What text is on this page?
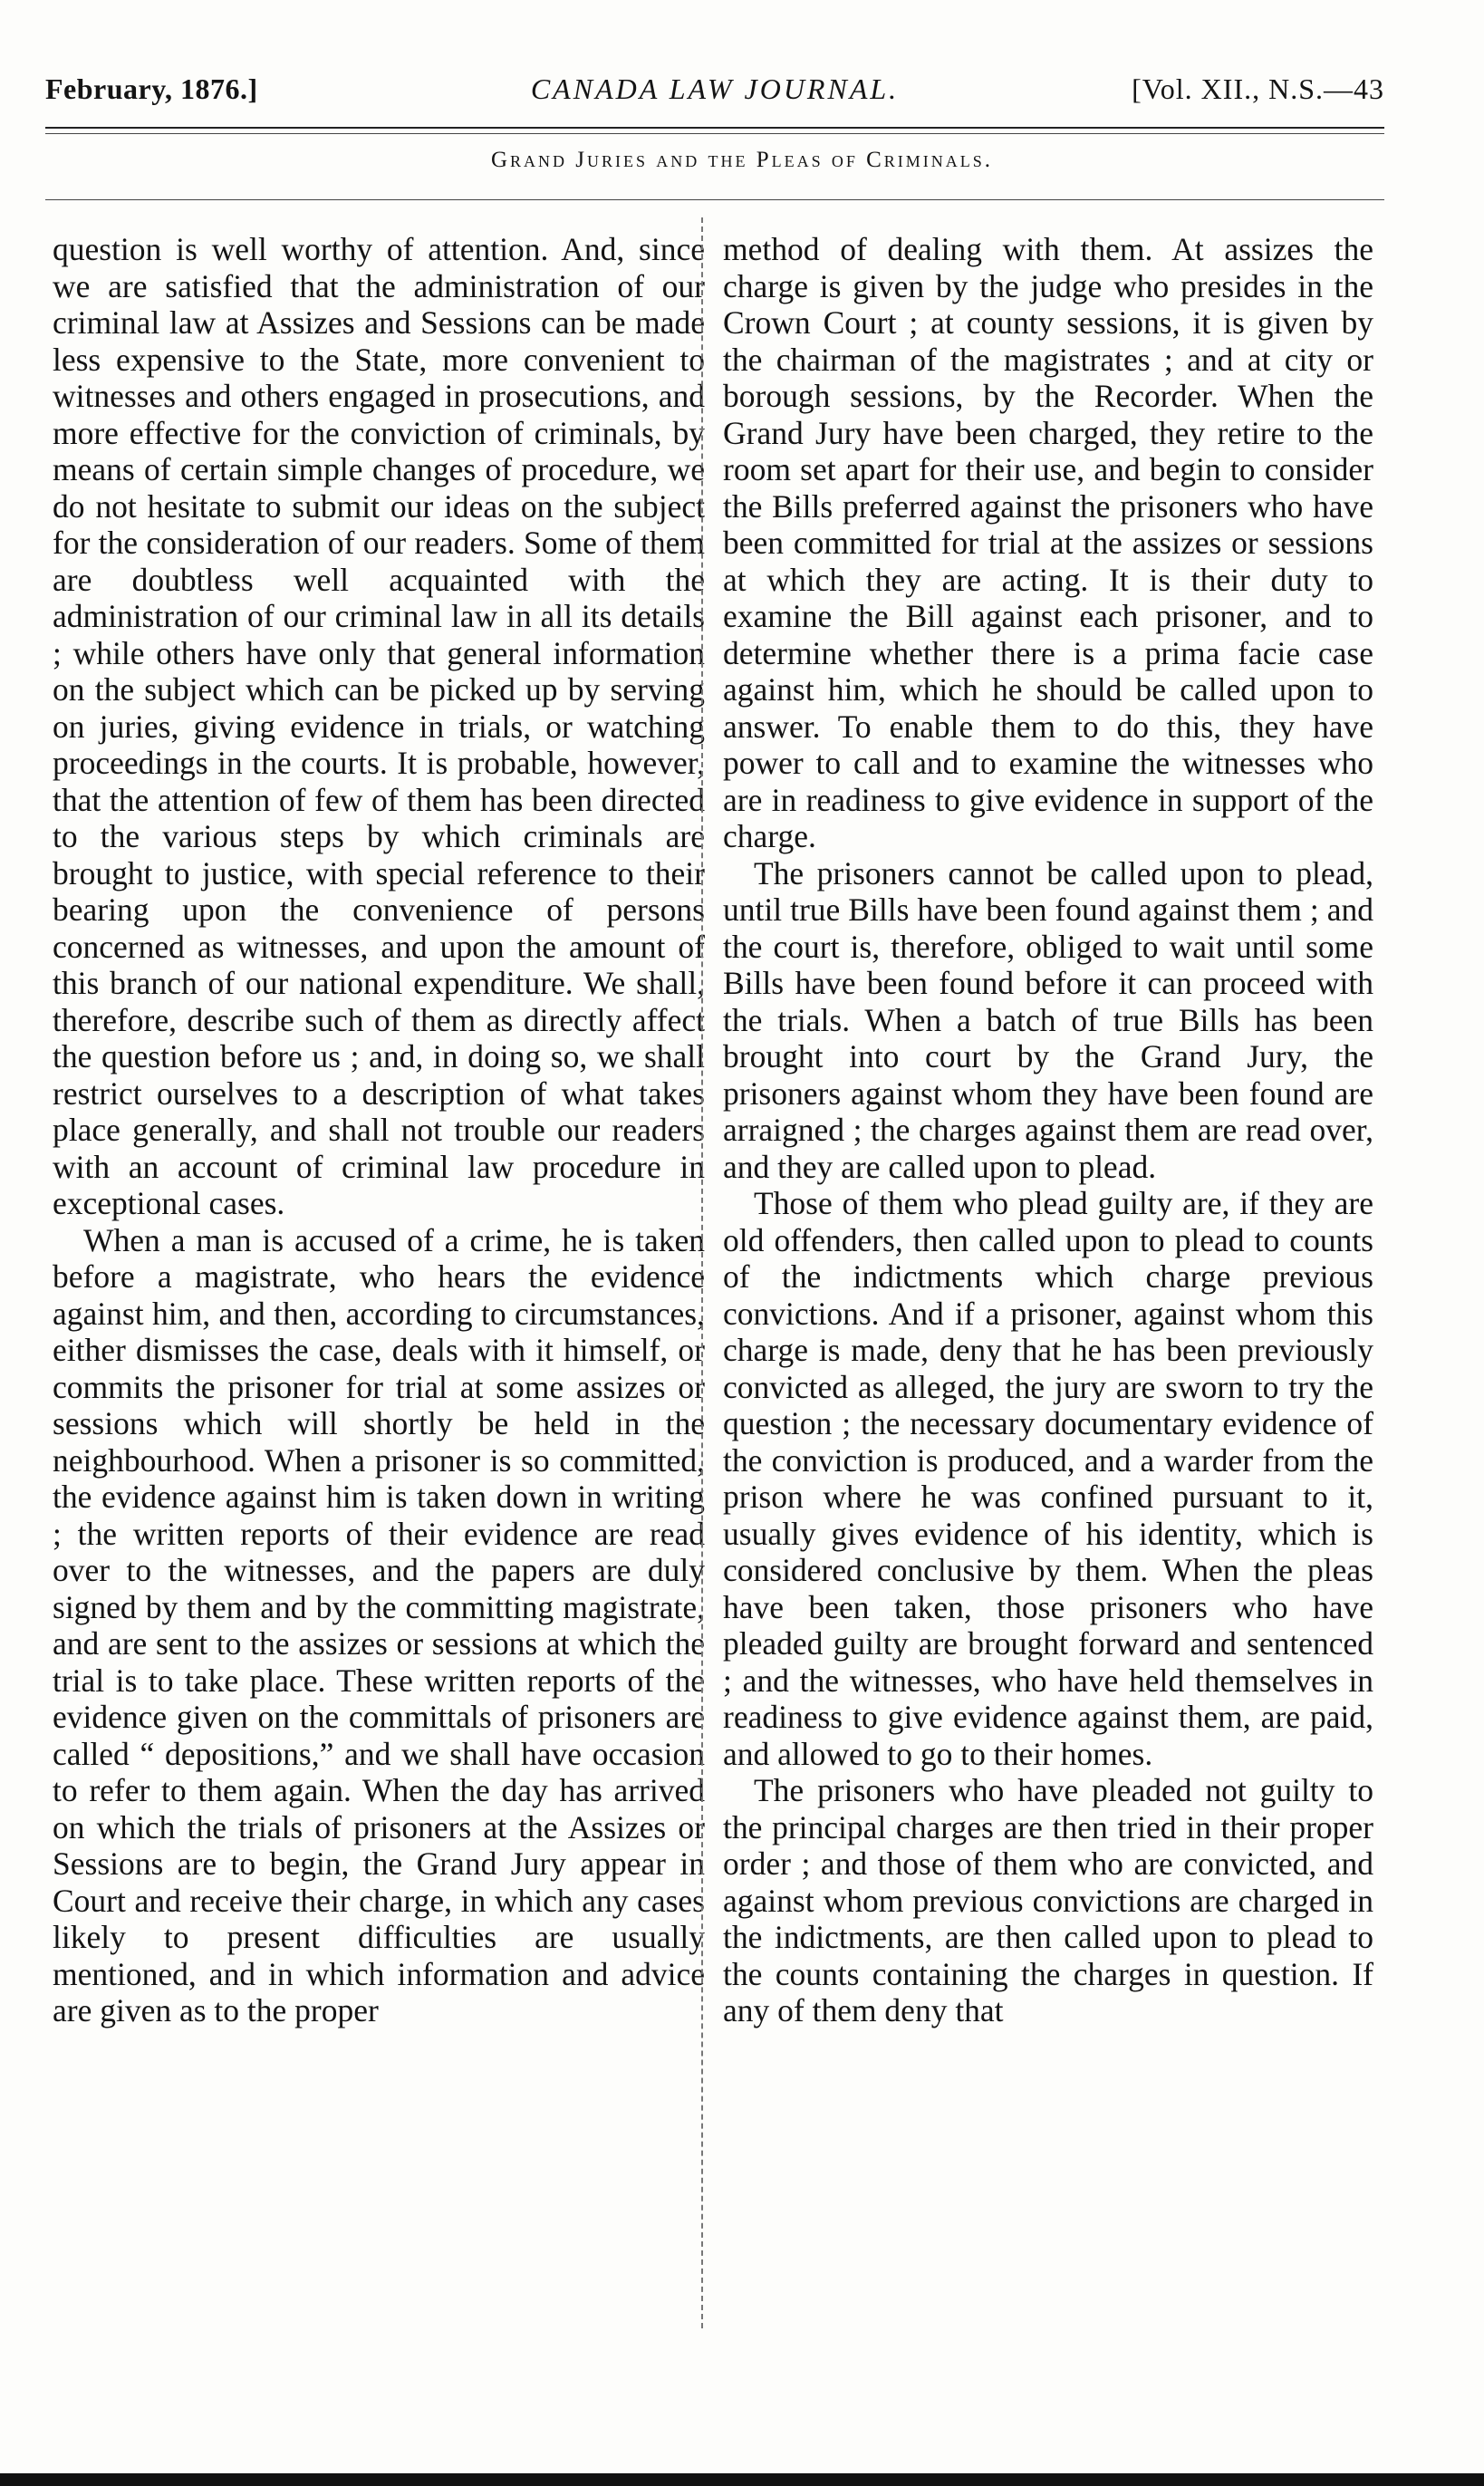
February, 1876.]	CANADA LAW JOURNAL.	[Vol. XII., N.S.—43
Grand Juries and the Pleas of Criminals.

question is well worthy of attention. And, since we are satisfied that the administration of our criminal law at Assizes and Sessions can be made less expensive to the State, more convenient to witnesses and others engaged in prosecutions, and more effective for the conviction of criminals, by means of certain simple changes of procedure, we do not hesitate to submit our ideas on the subject for the consideration of our readers. Some of them are doubtless well acquainted with the administration of our criminal law in all its details ; while others have only that general information on the subject which can be picked up by serving on juries, giving evidence in trials, or watching proceedings in the courts. It is probable, however, that the attention of few of them has been directed to the various steps by which criminals are brought to justice, with special reference to their bearing upon the convenience of persons concerned as witnesses, and upon the amount of this branch of our national expenditure. We shall, therefore, describe such of them as directly affect the question before us ; and, in doing so, we shall restrict ourselves to a description of what takes place generally, and shall not trouble our readers with an account of criminal law procedure in exceptional cases.

When a man is accused of a crime, he is taken before a magistrate, who hears the evidence against him, and then, according to circumstances, either dismisses the case, deals with it himself, or commits the prisoner for trial at some assizes or sessions which will shortly be held in the neighbourhood. When a prisoner is so committed, the evidence against him is taken down in writing ; the written reports of their evidence are read over to the witnesses, and the papers are duly signed by them and by the committing magistrate, and are sent to the assizes or sessions at which the trial is to take place. These written reports of the evidence given on the committals of prisoners are called “ depositions,” and we shall have occasion to refer to them again. When the day has arrived on which the trials of prisoners at the Assizes or Sessions are to begin, the Grand Jury appear in Court and receive their charge, in which any cases likely to present difficulties are usually mentioned, and in which information and advice are given as to the proper

method of dealing with them. At assizes the charge is given by the judge who presides in the Crown Court ; at county sessions, it is given by the chairman of the magistrates ; and at city or borough sessions, by the Recorder. When the Grand Jury have been charged, they retire to the room set apart for their use, and begin to consider the Bills preferred against the prisoners who have been committed for trial at the assizes or sessions at which they are acting. It is their duty to examine the Bill against each prisoner, and to determine whether there is a prima facie case against him, which he should be called upon to answer. To enable them to do this, they have power to call and to examine the witnesses who are in readiness to give evidence in support of the charge.

The prisoners cannot be called upon to plead, until true Bills have been found against them ; and the court is, therefore, obliged to wait until some Bills have been found before it can proceed with the trials. When a batch of true Bills has been brought into court by the Grand Jury, the prisoners against whom they have been found are arraigned ; the charges against them are read over, and they are called upon to plead.

Those of them who plead guilty are, if they are old offenders, then called upon to plead to counts of the indictments which charge previous convictions. And if a prisoner, against whom this charge is made, deny that he has been previously convicted as alleged, the jury are sworn to try the question ; the necessary documentary evidence of the conviction is produced, and a warder from the prison where he was confined pursuant to it, usually gives evidence of his identity, which is considered conclusive by them. When the pleas have been taken, those prisoners who have pleaded guilty are brought forward and sentenced ; and the witnesses, who have held themselves in readiness to give evidence against them, are paid, and allowed to go to their homes.

The prisoners who have pleaded not guilty to the principal charges are then tried in their proper order ; and those of them who are convicted, and against whom previous convictions are charged in the indictments, are then called upon to plead to the counts containing the charges in question. If any of them deny that
